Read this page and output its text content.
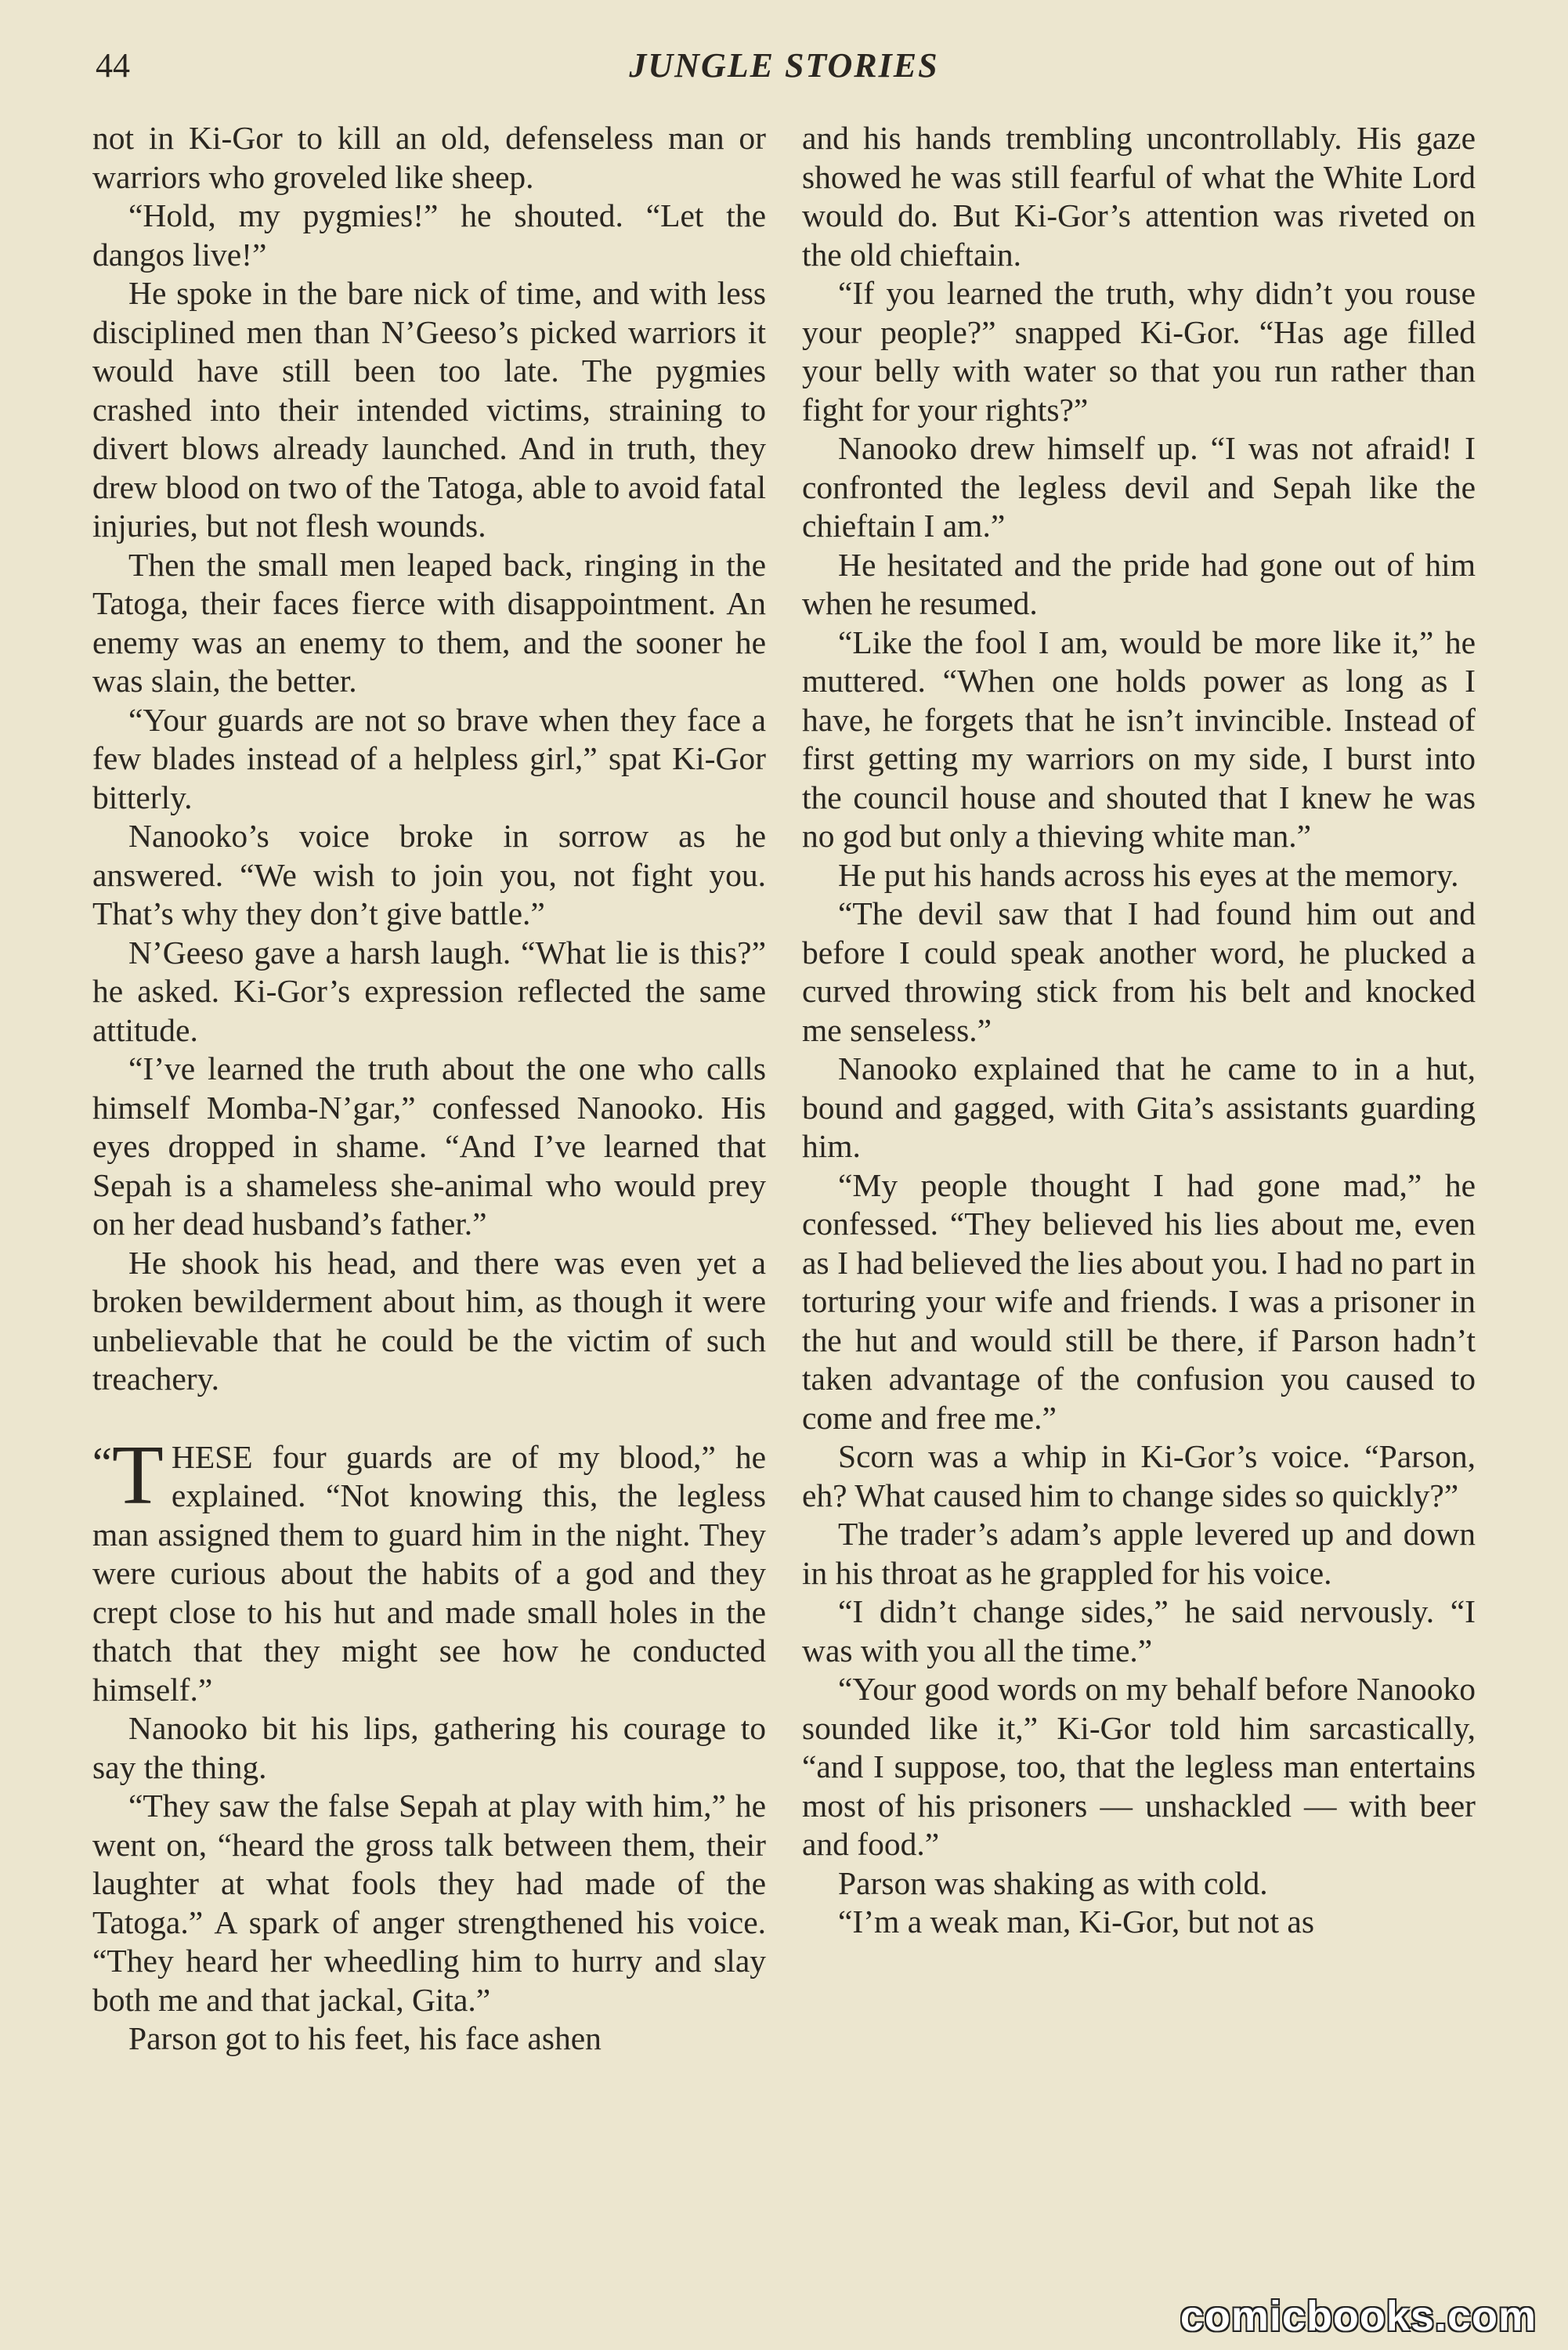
44	JUNGLE STORIES

not in Ki-Gor to kill an old, defenseless man or warriors who groveled like sheep.

“Hold, my pygmies!” he shouted. “Let the dangos live!”

He spoke in the bare nick of time, and with less disciplined men than N’Geeso’s picked warriors it would have still been too late. The pygmies crashed into their intended victims, straining to divert blows already launched. And in truth, they drew blood on two of the Tatoga, able to avoid fatal injuries, but not flesh wounds.

Then the small men leaped back, ringing in the Tatoga, their faces fierce with disappointment. An enemy was an enemy to them, and the sooner he was slain, the better.

“Your guards are not so brave when they face a few blades instead of a helpless girl,” spat Ki-Gor bitterly.

Nanooko’s voice broke in sorrow as he answered. “We wish to join you, not fight you. That’s why they don’t give battle.”

N’Geeso gave a harsh laugh. “What lie is this?” he asked. Ki-Gor’s expression reflected the same attitude.

“I’ve learned the truth about the one who calls himself Momba-N’gar,” confessed Nanooko. His eyes dropped in shame. “And I’ve learned that Sepah is a shameless she-animal who would prey on her dead husband’s father.”

He shook his head, and there was even yet a broken bewilderment about him, as though it were unbelievable that he could be the victim of such treachery.

“T HESE four guards are of my blood,” he explained. “Not knowing this, the legless man assigned them to guard him in the night. They were curious about the habits of a god and they crept close to his hut and made small holes in the thatch that they might see how he conducted himself.”

Nanooko bit his lips, gathering his courage to say the thing.

“They saw the false Sepah at play with him,” he went on, “heard the gross talk between them, their laughter at what fools they had made of the Tatoga.” A spark of anger strengthened his voice. “They heard her wheedling him to hurry and slay both me and that jackal, Gita.”

Parson got to his feet, his face ashen

and his hands trembling uncontrollably. His gaze showed he was still fearful of what the White Lord would do. But Ki-Gor’s attention was riveted on the old chieftain.

“If you learned the truth, why didn’t you rouse your people?” snapped Ki-Gor. “Has age filled your belly with water so that you run rather than fight for your rights?”

Nanooko drew himself up. “I was not afraid! I confronted the legless devil and Sepah like the chieftain I am.”

He hesitated and the pride had gone out of him when he resumed.

“Like the fool I am, would be more like it,” he muttered. “When one holds power as long as I have, he forgets that he isn’t invincible. Instead of first getting my warriors on my side, I burst into the council house and shouted that I knew he was no god but only a thieving white man.”

He put his hands across his eyes at the memory.

“The devil saw that I had found him out and before I could speak another word, he plucked a curved throwing stick from his belt and knocked me senseless.”

Nanooko explained that he came to in a hut, bound and gagged, with Gita’s assistants guarding him.

“My people thought I had gone mad,” he confessed. “They believed his lies about me, even as I had believed the lies about you. I had no part in torturing your wife and friends. I was a prisoner in the hut and would still be there, if Parson hadn’t taken advantage of the confusion you caused to come and free me.”

Scorn was a whip in Ki-Gor’s voice. “Parson, eh? What caused him to change sides so quickly?”

The trader’s adam’s apple levered up and down in his throat as he grappled for his voice.

“I didn’t change sides,” he said nervously. “I was with you all the time.”

“Your good words on my behalf before Nanooko sounded like it,” Ki-Gor told him sarcastically, “and I suppose, too, that the legless man entertains most of his prisoners — unshackled — with beer and food.”

Parson was shaking as with cold.

“I’m a weak man, Ki-Gor, but not as

comicbooks.com
